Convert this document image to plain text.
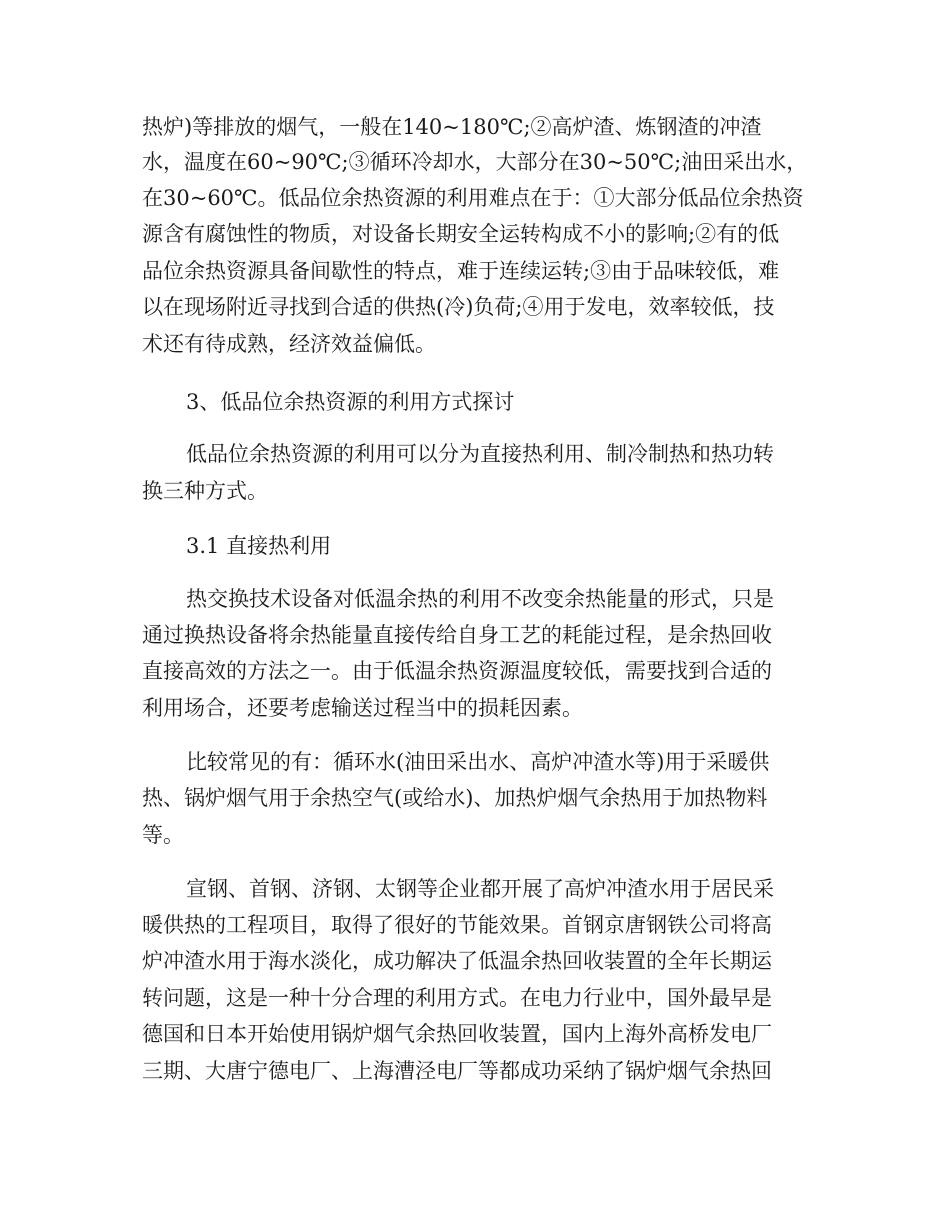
热炉)等排放的烟气，一般在140~180℃;②高炉渣、炼钢渣的冲渣
水，温度在60~90℃;③循环冷却水，大部分在30~50℃;油田采出水，
在30~60℃。低品位余热资源的利用难点在于：①大部分低品位余热资
源含有腐蚀性的物质，对设备长期安全运转构成不小的影响;②有的低
品位余热资源具备间歇性的特点，难于连续运转;③由于品味较低，难
以在现场附近寻找到合适的供热(冷)负荷;④用于发电，效率较低，技
术还有待成熟，经济效益偏低。
3、低品位余热资源的利用方式探讨
低品位余热资源的利用可以分为直接热利用、制冷制热和热功转
换三种方式。
3.1 直接热利用
热交换技术设备对低温余热的利用不改变余热能量的形式，只是
通过换热设备将余热能量直接传给自身工艺的耗能过程，是余热回收
直接高效的方法之一。由于低温余热资源温度较低，需要找到合适的
利用场合，还要考虑输送过程当中的损耗因素。
比较常见的有：循环水(油田采出水、高炉冲渣水等)用于采暖供
热、锅炉烟气用于余热空气(或给水)、加热炉烟气余热用于加热物料
等。
宣钢、首钢、济钢、太钢等企业都开展了高炉冲渣水用于居民采
暖供热的工程项目，取得了很好的节能效果。首钢京唐钢铁公司将高
炉冲渣水用于海水淡化，成功解决了低温余热回收装置的全年长期运
转问题，这是一种十分合理的利用方式。在电力行业中，国外最早是
德国和日本开始使用锅炉烟气余热回收装置，国内上海外高桥发电厂
三期、大唐宁德电厂、上海漕泾电厂等都成功采纳了锅炉烟气余热回
